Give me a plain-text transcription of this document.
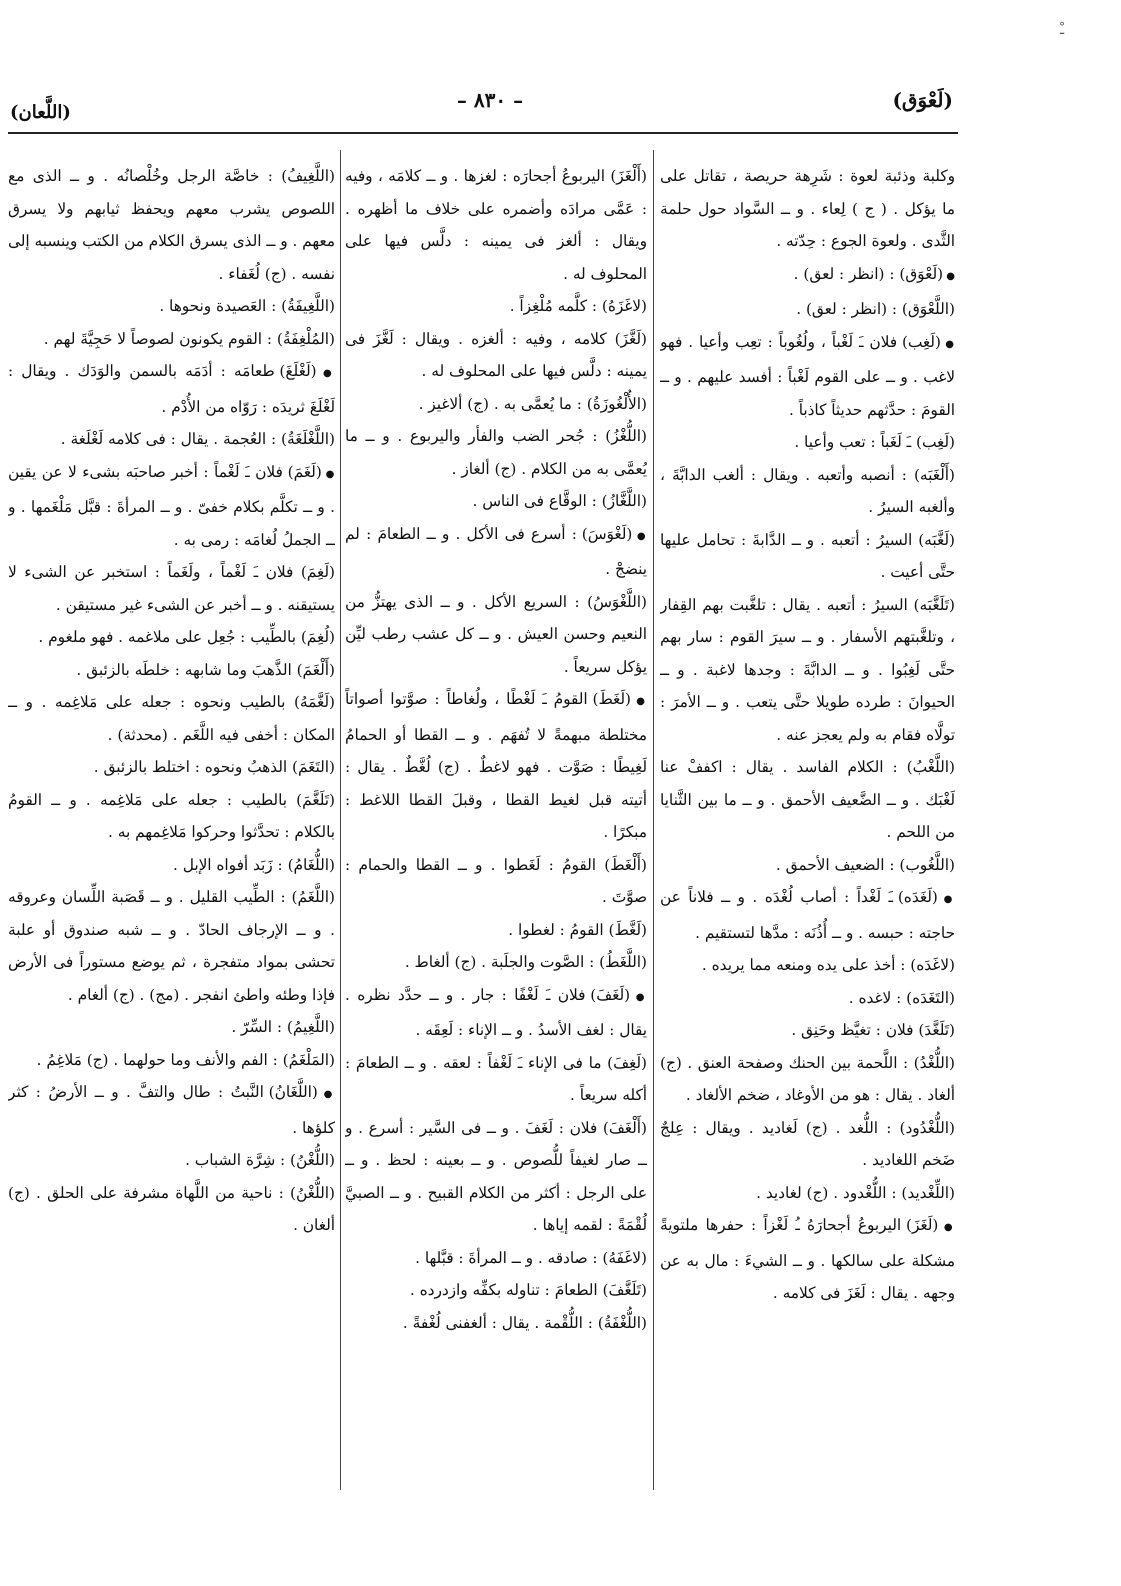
(لَعْوَق)
– ٨٣٠ –
(اللَّعان)
ﹿ

وكلبة وذئبة لعوة : شَرِهة حريصة ، تقاتل على ما يؤكل . ( ج ) لِعاء . و ــ السَّواد حول حلمة الثَّدى . ولعوة الجوع : حِدّته .

● (لَعْوَق) : (انظر : لعق) .

(اللَّعْوَق) : (انظر : لعق) .

● (لَغِب) فلان ـَ لَغْباً ، ولُغُوباً : تعِب وأعيا . فهو لاغب . و ــ على القوم لَغْباً : أفسد عليهم . و ــ القومَ : حدَّثهم حديثاً كاذباً .

(لَغِب) ـَ لَغَباً : تعب وأعيا .

(أَلْغَبَه) : أنصبه وأتعبه . ويقال : ألغب الدابَّةَ ، وألغبه السيرُ .

(لَغَّبَه) السيرُ : أتعبه . و ــ الدَّابةَ : تحامل عليها حتَّى أعيت .

(تَلَغَّبَه) السيرُ : أتعبه . يقال : تلغَّبت بهم القِفار ، وتلغَّبتهم الأسفار . و ــ سيرَ القوم : سار بهم حتَّى لَغِبُوا . و ــ الدابَّةَ : وجدها لاغبة . و ــ الحيوانَ : طرده طويلا حتَّى يتعب . و ــ الأمرَ : تولَّاه فقام به ولم يعجز عنه .

(اللَّغْبُ) : الكلام الفاسد . يقال : اكففْ عنا لَغْبَك . و ــ الضَّعيف الأحمق . و ــ ما بين الثَّنايا من اللحم .

(اللَّغُوب) : الضعيف الأحمق .

● (لَغَدَه) ـَ لَغْداً : أصاب لُغْدَه . و ــ فلاناً عن حاجته : حبسه . و ــ أُذُنَه : مدَّها لتستقيم .

(لاغَدَه) : أخذ على يده ومنعه مما يريده .

(التَغَدَه) : لاغده .

(تَلَغَّدَ) فلان : تغيَّظ وحَنِق .

(اللُّغْدُ) : اللَّحمة بين الحنك وصفحة العنق . (ج) ألغاد . يقال : هو من الأوغاد ، ضخم الألغاد .

(اللُّغْدُود) : اللُّغد . (ج) لَغاديد . ويقال : عِلجٌ ضَخم اللغاديد .

(اللِّغْديد) : اللُّغْدود . (ج) لغاديد .

● (لَغَزَ) اليربوعُ أجحارَهُ ـُ لَغْزاً : حفرها ملتويةً مشكلة على سالكها . و ــ الشيءَ : مال به عن وجهه . يقال : لَغَزَ فى كلامه .

(أَلْغَزَ) اليربوعُ أجحارَه : لغزها . و ــ كلامَه ، وفيه : عَمَّى مرادَه وأضمره على خلاف ما أظهره . ويقال : ألغز فى يمينه : دلَّس فيها على المحلوف له .

(لاغَزَهُ) : كلَّمه مُلْغِزاً .

(لَغَّزَ) كلامه ، وفيه : ألغزه . ويقال : لَغَّزَ فى يمينه : دلَّس فيها على المحلوف له .

(الأُلْغُوزَةُ) : ما يُعمَّى به . (ج) ألاغيز .

(اللُّغْزُ) : جُحر الضب والفأر واليربوع . و ــ ما يُعمَّى به من الكلام . (ج) ألغاز .

(اللَّغَّازُ) : الوقَّاع فى الناس .

● (لَغْوَسَ) : أسرع فى الأكل . و ــ الطعامَ : لم ينضجْ .

(اللَّغْوَسُ) : السريع الأكل . و ــ الذى يهتزُّ من النعيم وحسن العيش . و ــ كل عشب رطب ليِّن يؤكل سريعاً .

● (لَغَطَ) القومُ ـَ لَغْطًا ، ولُغاطاً : صوَّتوا أصواتاً مختلطة مبهمةً لا تُفهَم . و ــ القطا أو الحمامُ لَغِيطًا : صَوَّت . فهو لاغطٌ . (ج) لُغَّطٌ . يقال : أتيته قبل لغيط القطا ، وقبلَ القطا اللاغط : مبكرًا .

(أَلْغَطَ) القومُ : لَغَطوا . و ــ القطا والحمام : صوَّتَ .

(لَغَّطَ) القومُ : لغطوا .

(اللَّغَطُ) : الصَّوت والجلَبة . (ج) ألغاط .

● (لَغَفَ) فلان ـَ لَغْفًا : جار . و ــ حدَّد نظره . يقال : لغف الأسدُ . و ــ الإناء : لَعِقَه .

(لَغِفَ) ما فى الإناء ـَ لَغْفاً : لعقه . و ــ الطعامَ : أكله سريعاً .

(أَلْغَفَ) فلان : لَغَفَ . و ــ فى السَّير : أسرع . و ــ صار لغيفاً للُّصوص . و ــ بعينه : لحظ . و ــ على الرجل : أكثر من الكلام القبيح . و ــ الصبيَّ لُقْمَةً : لقمه إياها .

(لاغَفَهُ) : صادقه . و ــ المرأةَ : قبَّلها .

(تَلَغَّفَ) الطعامَ : تناوله بكفِّه وازدرده .

(اللُّغْفَةُ) : اللُّقْمة . يقال : ألغفنى لُغْفةً .

(اللَّغِيفُ) : خاصَّة الرجل وخُلْصانُه . و ــ الذى مع اللصوص يشرب معهم ويحفظ ثيابهم ولا يسرق معهم . و ــ الذى يسرق الكلام من الكتب وينسبه إلى نفسه . (ج) لُغَفاء .

(اللَّغِيفَةُ) : العَصيدة ونحوها .

(المُلْغِفَةُ) : القوم يكونون لصوصاً لا حَجِيَّةَ لهم .

● (لَغْلَغَ) طعامَه : أدَمَه بالسمن والوَدَك . ويقال : لَغْلَغَ ثريدَه : رَوّاه من الأُدْم .

(اللَّغْلَغَةُ) : العُجمة . يقال : فى كلامه لَغْلَغة .

● (لَغَمَ) فلان ـَ لَغْماً : أخبر صاحبَه بشىء لا عن يقين . و ــ تكلَّم بكلام خفىّ . و ــ المرأةَ : قبَّل مَلْغَمها . و ــ الجملُ لُغامَه : رمى به .

(لَغِمَ) فلان ـَ لَغْماً ، ولَغَماً : استخبر عن الشىء لا يستيقنه . و ــ أخبر عن الشىء غير مستيقن .

(لُغِمَ) بالطِّيب : جُعِل على ملاغمه . فهو ملغوم .

(أَلْغَمَ) الذَّهبَ وما شابهه : خلطَه بالزئبق .

(لَغَّمَهُ) بالطيب ونحوه : جعله على مَلاغِمه . و ــ المكان : أخفى فيه اللَّغَم . (محدثة) .

(التَغَمَ) الذهبُ ونحوه : اختلط بالزئبق .

(تَلَغَّمَ) بالطيب : جعله على مَلاغِمه . و ــ القومُ بالكلام : تحدَّثوا وحركوا مَلاغِمهم به .

(اللُّغَامُ) : زَبَد أفواه الإبل .

(اللَّغَمُ) : الطِّيب القليل . و ــ قَصَبة اللِّسان وعروقه . و ــ الإرجاف الحادّ . و ــ شبه صندوق أو علبة تحشى بمواد متفجرة ، ثم يوضع مستوراً فى الأرض فإذا وطئه واطئ انفجر . (مج) . (ج) ألغام .

(اللَّغِيمُ) : السِّرّ .

(المَلْغَمُ) : الفم والأنف وما حولهما . (ج) مَلاغِمُ .

● (اللَّغَانُ) النَّبتُ : طال والتفَّ . و ــ الأرضُ : كثر كلؤها .

(اللُّغْنُ) : شِرَّة الشباب .

(اللُّغْنُ) : ناحية من اللَّهاة مشرفة على الحلق . (ج) ألغان .
